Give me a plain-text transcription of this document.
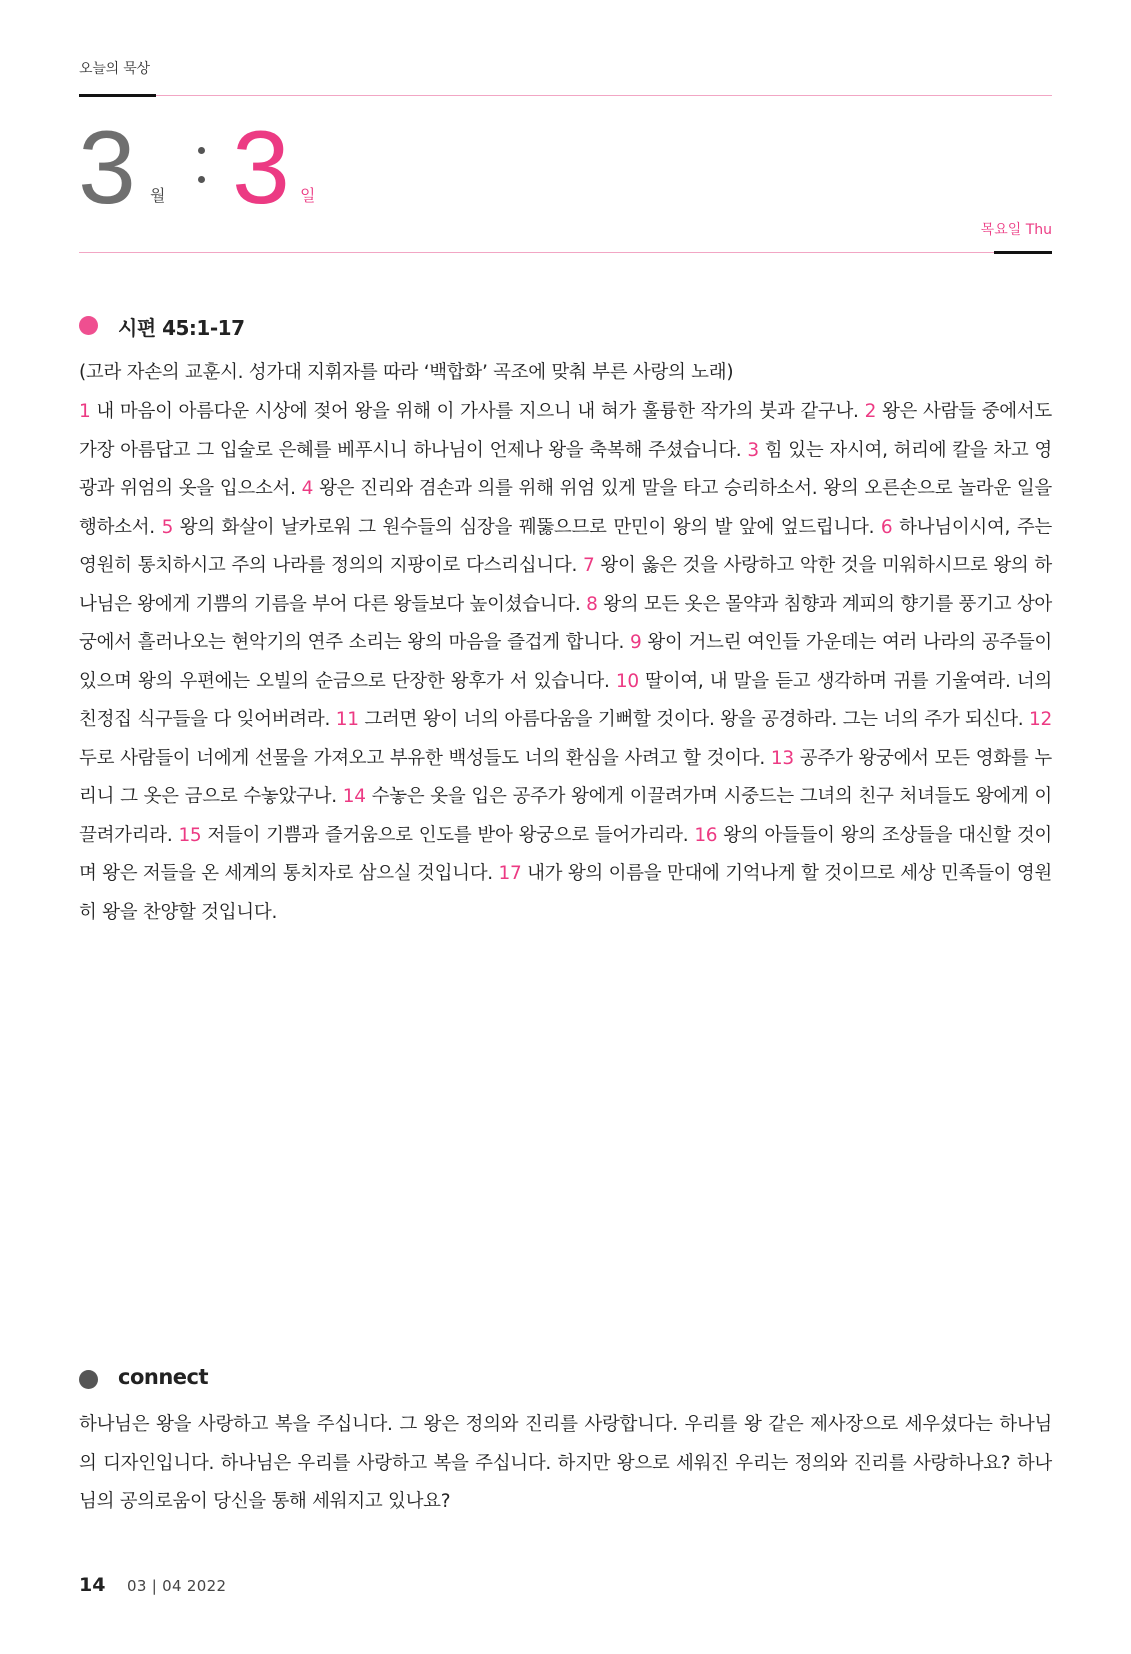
오늘의 묵상
3 월 3 일
목요일 Thu
시편 45:1-17
(고라 자손의 교훈시. 성가대 지휘자를 따라 ‘백합화’ 곡조에 맞춰 부른 사랑의 노래)
1 내 마음이 아름다운 시상에 젖어 왕을 위해 이 가사를 지으니 내 혀가 훌륭한 작가의 붓과 같구나. 2 왕은 사람들 중에서도 가장 아름답고 그 입술로 은혜를 베푸시니 하나님이 언제나 왕을 축복해 주셨습니다. 3 힘 있는 자시여, 허리에 칼을 차고 영광과 위엄의 옷을 입으소서. 4 왕은 진리와 겸손과 의를 위해 위엄 있게 말을 타고 승리하소서. 왕의 오른손으로 놀라운 일을 행하소서. 5 왕의 화살이 날카로워 그 원수들의 심장을 꿰뚫으므로 만민이 왕의 발 앞에 엎드립니다. 6 하나님이시여, 주는 영원히 통치하시고 주의 나라를 정의의 지팡이로 다스리십니다. 7 왕이 옳은 것을 사랑하고 악한 것을 미워하시므로 왕의 하나님은 왕에게 기쁨의 기름을 부어 다른 왕들보다 높이셨습니다. 8 왕의 모든 옷은 몰약과 침향과 계피의 향기를 풍기고 상아궁에서 흘러나오는 현악기의 연주 소리는 왕의 마음을 즐겁게 합니다. 9 왕이 거느린 여인들 가운데는 여러 나라의 공주들이 있으며 왕의 우편에는 오빌의 순금으로 단장한 왕후가 서 있습니다. 10 딸이여, 내 말을 듣고 생각하며 귀를 기울여라. 너의 친정집 식구들을 다 잊어버려라. 11 그러면 왕이 너의 아름다움을 기뻐할 것이다. 왕을 공경하라. 그는 너의 주가 되신다. 12 두로 사람들이 너에게 선물을 가져오고 부유한 백성들도 너의 환심을 사려고 할 것이다. 13 공주가 왕궁에서 모든 영화를 누리니 그 옷은 금으로 수놓았구나. 14 수놓은 옷을 입은 공주가 왕에게 이끌려가며 시중드는 그녀의 친구 처녀들도 왕에게 이끌려가리라. 15 저들이 기쁨과 즐거움으로 인도를 받아 왕궁으로 들어가리라. 16 왕의 아들들이 왕의 조상들을 대신할 것이며 왕은 저들을 온 세계의 통치자로 삼으실 것입니다. 17 내가 왕의 이름을 만대에 기억나게 할 것이므로 세상 민족들이 영원히 왕을 찬양할 것입니다.
connect
하나님은 왕을 사랑하고 복을 주십니다. 그 왕은 정의와 진리를 사랑합니다. 우리를 왕 같은 제사장으로 세우셨다는 하나님의 디자인입니다. 하나님은 우리를 사랑하고 복을 주십니다. 하지만 왕으로 세워진 우리는 정의와 진리를 사랑하나요? 하나님의 공의로움이 당신을 통해 세워지고 있나요?
14 03 | 04 2022
